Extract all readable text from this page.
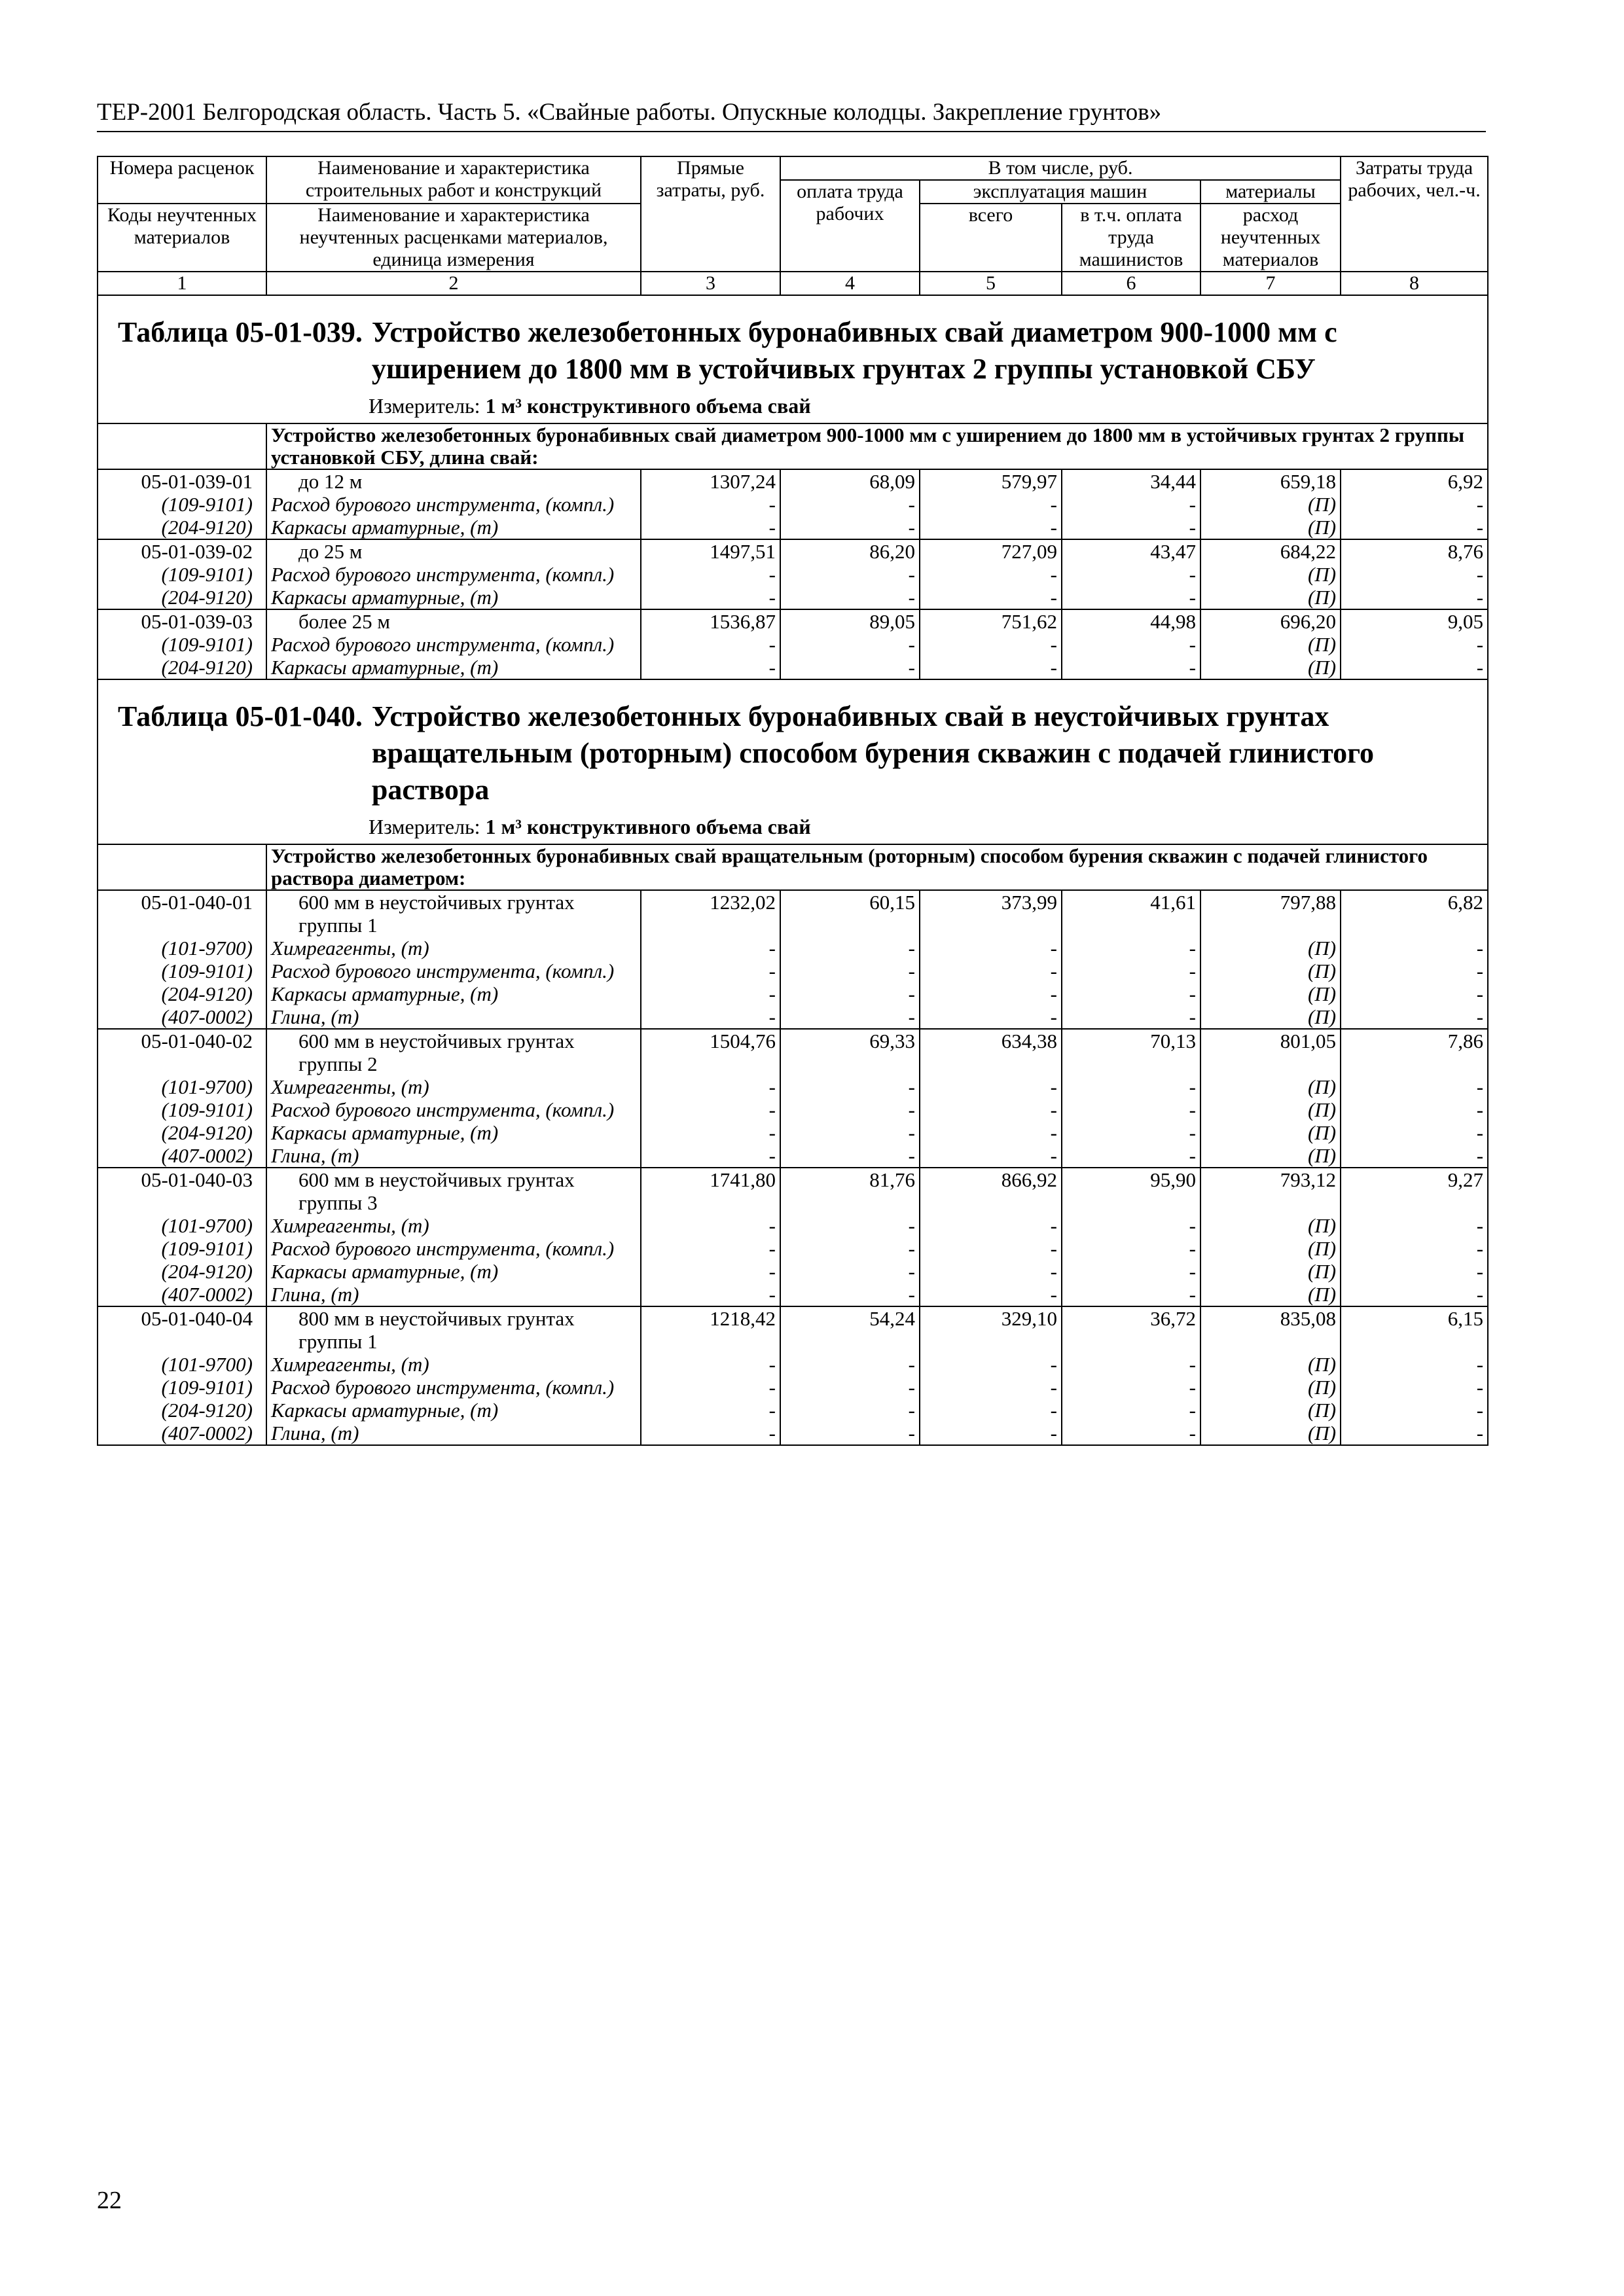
ТЕР-2001 Белгородская область. Часть 5. «Свайные работы. Опускные колодцы. Закрепление грунтов»
Номера расценок	Наименование и характеристика строительных работ и конструкций	Прямые затраты, руб.	В том числе, руб.				Затраты труда рабочих, чел.-ч.
			оплата труда рабочих	эксплуатация машин		материалы	
Коды неучтенных материалов	Наименование и характеристика неучтенных расценками материалов, единица измерения			всего	в т.ч. оплата труда машинистов	расход неучтенных материалов	

1	2	3	4	5	6	7	8

Таблица 05-01-039. Устройство железобетонных буронабивных свай диаметром 900-1000 мм с уширением до 1800 мм в устойчивых грунтах 2 группы установкой СБУ
Измеритель: 1 м³ конструктивного объема свай							

	Устройство железобетонных буронабивных свай диаметром 900-1000 мм с уширением до 1800 мм в устойчивых грунтах 2 группы установкой СБУ, длина свай:						
05-01-039-01	до 12 м	1307,24	68,09	579,97	34,44	659,18	6,92
(109-9101)	Расход бурового инструмента, (компл.)	-	-	-	-	(П)	-
(204-9120)	Каркасы арматурные, (т)	-	-	-	-	(П)	-
05-01-039-02	до 25 м	1497,51	86,20	727,09	43,47	684,22	8,76
(109-9101)	Расход бурового инструмента, (компл.)	-	-	-	-	(П)	-
(204-9120)	Каркасы арматурные, (т)	-	-	-	-	(П)	-
05-01-039-03	более 25 м	1536,87	89,05	751,62	44,98	696,20	9,05
(109-9101)	Расход бурового инструмента, (компл.)	-	-	-	-	(П)	-
(204-9120)	Каркасы арматурные, (т)	-	-	-	-	(П)	-

Таблица 05-01-040. Устройство железобетонных буронабивных свай в неустойчивых грунтах вращательным (роторным) способом бурения скважин с подачей глинистого раствора
Измеритель: 1 м³ конструктивного объема свай							

	Устройство железобетонных буронабивных свай вращательным (роторным) способом бурения скважин с подачей глинистого раствора диаметром:						
05-01-040-01	600 мм в неустойчивых грунтах группы 1	1232,02	60,15	373,99	41,61	797,88	6,82
(101-9700)	Химреагенты, (т)	-	-	-	-	(П)	-
(109-9101)	Расход бурового инструмента, (компл.)	-	-	-	-	(П)	-
(204-9120)	Каркасы арматурные, (т)	-	-	-	-	(П)	-
(407-0002)	Глина, (т)	-	-	-	-	(П)	-
05-01-040-02	600 мм в неустойчивых грунтах группы 2	1504,76	69,33	634,38	70,13	801,05	7,86
(101-9700)	Химреагенты, (т)	-	-	-	-	(П)	-
(109-9101)	Расход бурового инструмента, (компл.)	-	-	-	-	(П)	-
(204-9120)	Каркасы арматурные, (т)	-	-	-	-	(П)	-
(407-0002)	Глина, (т)	-	-	-	-	(П)	-
05-01-040-03	600 мм в неустойчивых грунтах группы 3	1741,80	81,76	866,92	95,90	793,12	9,27
(101-9700)	Химреагенты, (т)	-	-	-	-	(П)	-
(109-9101)	Расход бурового инструмента, (компл.)	-	-	-	-	(П)	-
(204-9120)	Каркасы арматурные, (т)	-	-	-	-	(П)	-
(407-0002)	Глина, (т)	-	-	-	-	(П)	-
05-01-040-04	800 мм в неустойчивых грунтах группы 1	1218,42	54,24	329,10	36,72	835,08	6,15
(101-9700)	Химреагенты, (т)	-	-	-	-	(П)	-
(109-9101)	Расход бурового инструмента, (компл.)	-	-	-	-	(П)	-
(204-9120)	Каркасы арматурные, (т)	-	-	-	-	(П)	-
(407-0002)	Глина, (т)	-	-	-	-	(П)	-
22
